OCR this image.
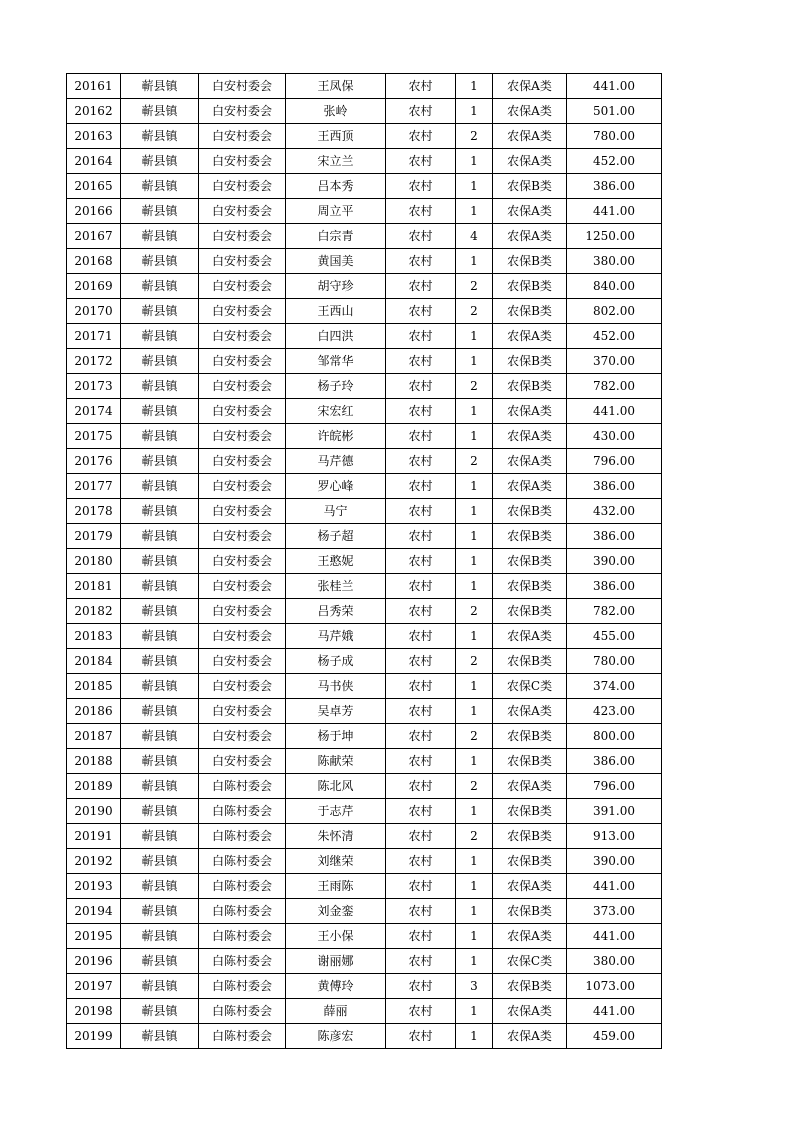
20161	蕲县镇	白安村委会	王凤保	农村	1	农保A类	441.00
20162	蕲县镇	白安村委会	张岭	农村	1	农保A类	501.00
20163	蕲县镇	白安村委会	王西顶	农村	2	农保A类	780.00
20164	蕲县镇	白安村委会	宋立兰	农村	1	农保A类	452.00
20165	蕲县镇	白安村委会	吕本秀	农村	1	农保B类	386.00
20166	蕲县镇	白安村委会	周立平	农村	1	农保A类	441.00
20167	蕲县镇	白安村委会	白宗青	农村	4	农保A类	1250.00
20168	蕲县镇	白安村委会	黄国美	农村	1	农保B类	380.00
20169	蕲县镇	白安村委会	胡守珍	农村	2	农保B类	840.00
20170	蕲县镇	白安村委会	王西山	农村	2	农保B类	802.00
20171	蕲县镇	白安村委会	白四洪	农村	1	农保A类	452.00
20172	蕲县镇	白安村委会	邹常华	农村	1	农保B类	370.00
20173	蕲县镇	白安村委会	杨子玲	农村	2	农保B类	782.00
20174	蕲县镇	白安村委会	宋宏红	农村	1	农保A类	441.00
20175	蕲县镇	白安村委会	许皖彬	农村	1	农保A类	430.00
20176	蕲县镇	白安村委会	马芹德	农村	2	农保A类	796.00
20177	蕲县镇	白安村委会	罗心峰	农村	1	农保A类	386.00
20178	蕲县镇	白安村委会	马宁	农村	1	农保B类	432.00
20179	蕲县镇	白安村委会	杨子超	农村	1	农保B类	386.00
20180	蕲县镇	白安村委会	王憨妮	农村	1	农保B类	390.00
20181	蕲县镇	白安村委会	张桂兰	农村	1	农保B类	386.00
20182	蕲县镇	白安村委会	吕秀荣	农村	2	农保B类	782.00
20183	蕲县镇	白安村委会	马芹娥	农村	1	农保A类	455.00
20184	蕲县镇	白安村委会	杨子成	农村	2	农保B类	780.00
20185	蕲县镇	白安村委会	马书侠	农村	1	农保C类	374.00
20186	蕲县镇	白安村委会	吴卓芳	农村	1	农保A类	423.00
20187	蕲县镇	白安村委会	杨于坤	农村	2	农保B类	800.00
20188	蕲县镇	白安村委会	陈献荣	农村	1	农保B类	386.00
20189	蕲县镇	白陈村委会	陈北风	农村	2	农保A类	796.00
20190	蕲县镇	白陈村委会	于志芹	农村	1	农保B类	391.00
20191	蕲县镇	白陈村委会	朱怀清	农村	2	农保B类	913.00
20192	蕲县镇	白陈村委会	刘继荣	农村	1	农保B类	390.00
20193	蕲县镇	白陈村委会	王雨陈	农村	1	农保A类	441.00
20194	蕲县镇	白陈村委会	刘金銮	农村	1	农保B类	373.00
20195	蕲县镇	白陈村委会	王小保	农村	1	农保A类	441.00
20196	蕲县镇	白陈村委会	谢丽娜	农村	1	农保C类	380.00
20197	蕲县镇	白陈村委会	黄傅玲	农村	3	农保B类	1073.00
20198	蕲县镇	白陈村委会	薛丽	农村	1	农保A类	441.00
20199	蕲县镇	白陈村委会	陈彦宏	农村	1	农保A类	459.00
